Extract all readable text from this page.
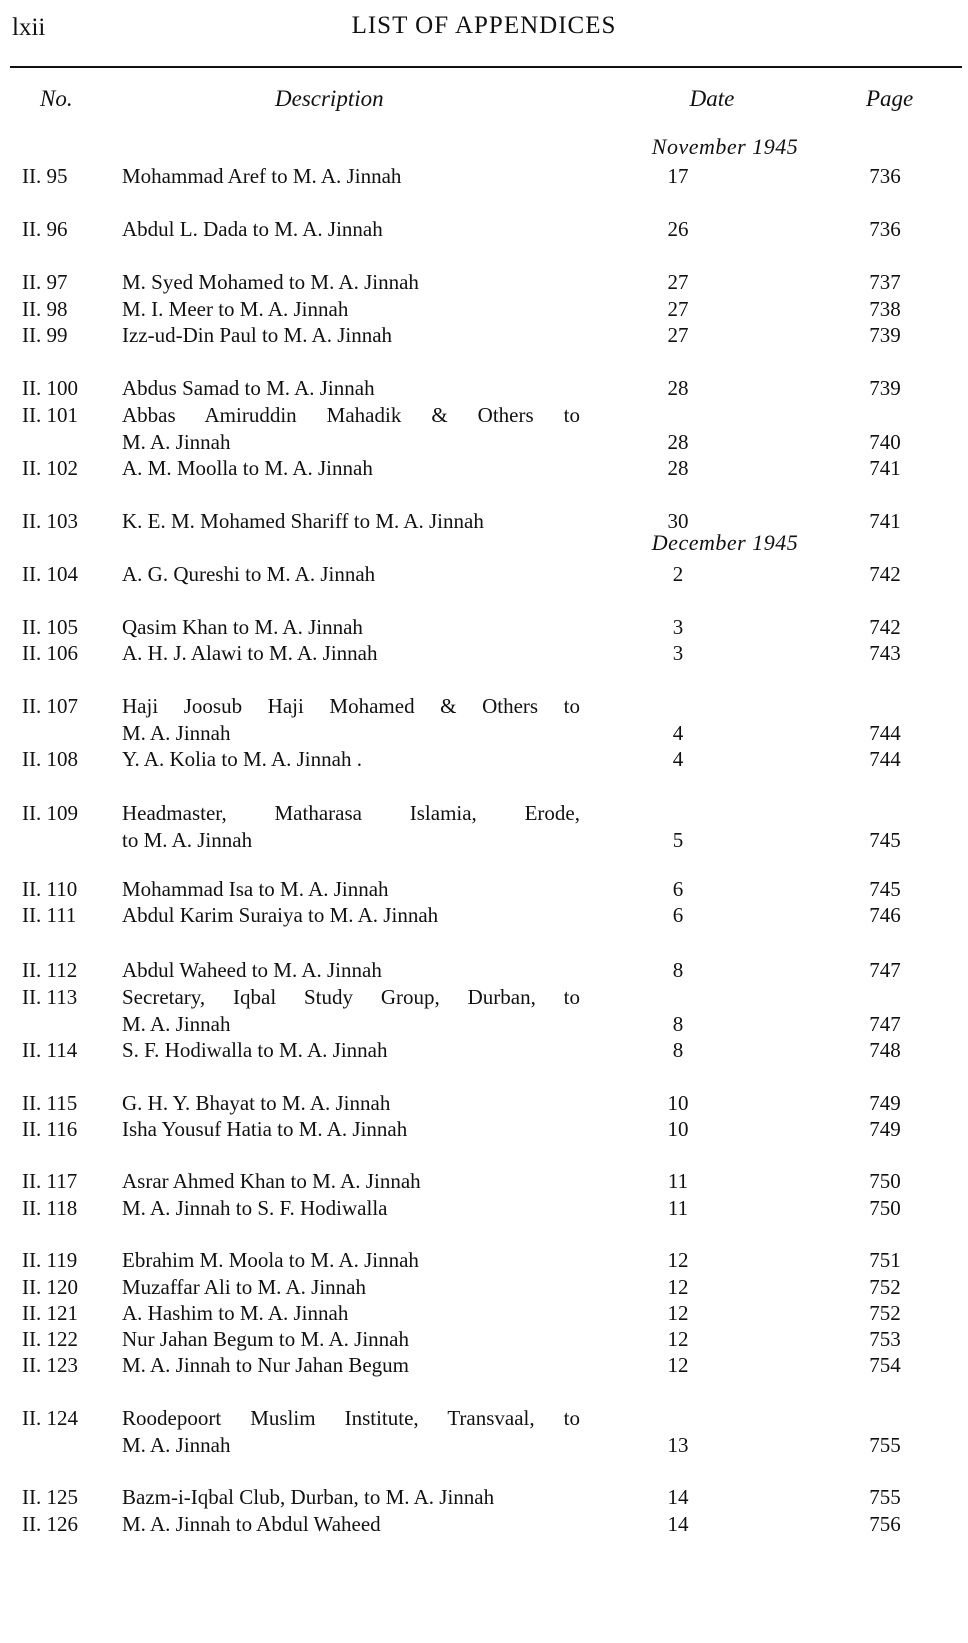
lxii	LIST OF APPENDICES
No.	Description	Date	Page
November 1945
December 1945
II. 95	Mohammad Aref to M. A. Jinnah	17	736
II. 96	Abdul L. Dada to M. A. Jinnah	26	736
II. 97	M. Syed Mohamed to M. A. Jinnah	27	737
II. 98	M. I. Meer to M. A. Jinnah	27	738
II. 99	Izz-ud-Din Paul to M. A. Jinnah	27	739
II. 100 Abdus Samad to M. A. Jinnah	28	739
II. 101 Abbas Amiruddin Mahadik & Others to
M. A. Jinnah	28	740
II. 102 A. M. Moolla to M. A. Jinnah	28	741
II. 103 K. E. M. Mohamed Shariff to M. A. Jinnah	30	741
II. 104 A. G. Qureshi to M. A. Jinnah	2	742
II. 105 Qasim Khan to M. A. Jinnah	3	742
II. 106 A. H. J. Alawi to M. A. Jinnah	3	743
II. 107 Haji Joosub Haji Mohamed & Others to
M. A. Jinnah	4	744
II. 108 Y. A. Kolia to M. A. Jinnah .	4	744
II. 109 Headmaster, Matharasa Islamia, Erode,
to M. A. Jinnah	5	745
II. 110 Mohammad Isa to M. A. Jinnah	6	745
II. 111 Abdul Karim Suraiya to M. A. Jinnah	6	746
II. 112 Abdul Waheed to M. A. Jinnah	8	747
II. 113 Secretary, Iqbal Study Group, Durban, to
M. A. Jinnah	8	747
II. 114 S. F. Hodiwalla to M. A. Jinnah	8	748
II. 115 G. H. Y. Bhayat to M. A. Jinnah	10	749
II. 116 Isha Yousuf Hatia to M. A. Jinnah	10	749
II. 117 Asrar Ahmed Khan to M. A. Jinnah	11	750
II. 118 M. A. Jinnah to S. F. Hodiwalla	11	750
II. 119 Ebrahim M. Moola to M. A. Jinnah	12	751
II. 120 Muzaffar Ali to M. A. Jinnah	12	752
II. 121 A. Hashim to M. A. Jinnah	12	752
II. 122 Nur Jahan Begum to M. A. Jinnah	12	753
II. 123 M. A. Jinnah to Nur Jahan Begum	12	754
II. 124 Roodepoort Muslim Institute, Transvaal, to
M. A. Jinnah	13	755
II. 125 Bazm-i-Iqbal Club, Durban, to M. A. Jinnah	14	755
II. 126 M. A. Jinnah to Abdul Waheed	14	756
